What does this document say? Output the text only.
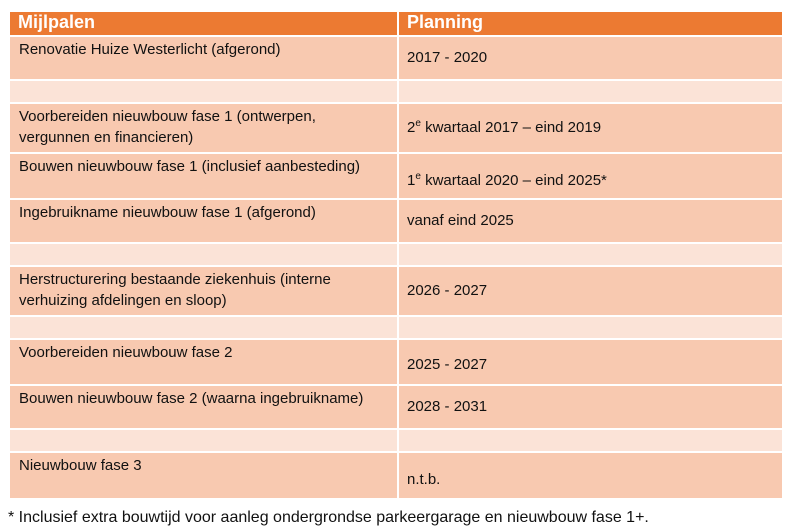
Mijlpalen	Planning
Renovatie Huize Westerlicht (afgerond)	2017 - 2020

Voorbereiden nieuwbouw fase 1 (ontwerpen, vergunnen en financieren)	2e kwartaal 2017 – eind 2019
Bouwen nieuwbouw fase 1 (inclusief aanbesteding)	1e kwartaal 2020 – eind 2025*
Ingebruikname nieuwbouw fase 1 (afgerond)	vanaf eind 2025

Herstructurering bestaande ziekenhuis (interne verhuizing afdelingen en sloop)	2026 - 2027

Voorbereiden nieuwbouw fase 2	2025 - 2027
Bouwen nieuwbouw fase 2 (waarna ingebruikname)	2028 - 2031

Nieuwbouw fase 3	n.t.b.
* Inclusief extra bouwtijd voor aanleg ondergrondse parkeergarage en nieuwbouw fase 1+.
